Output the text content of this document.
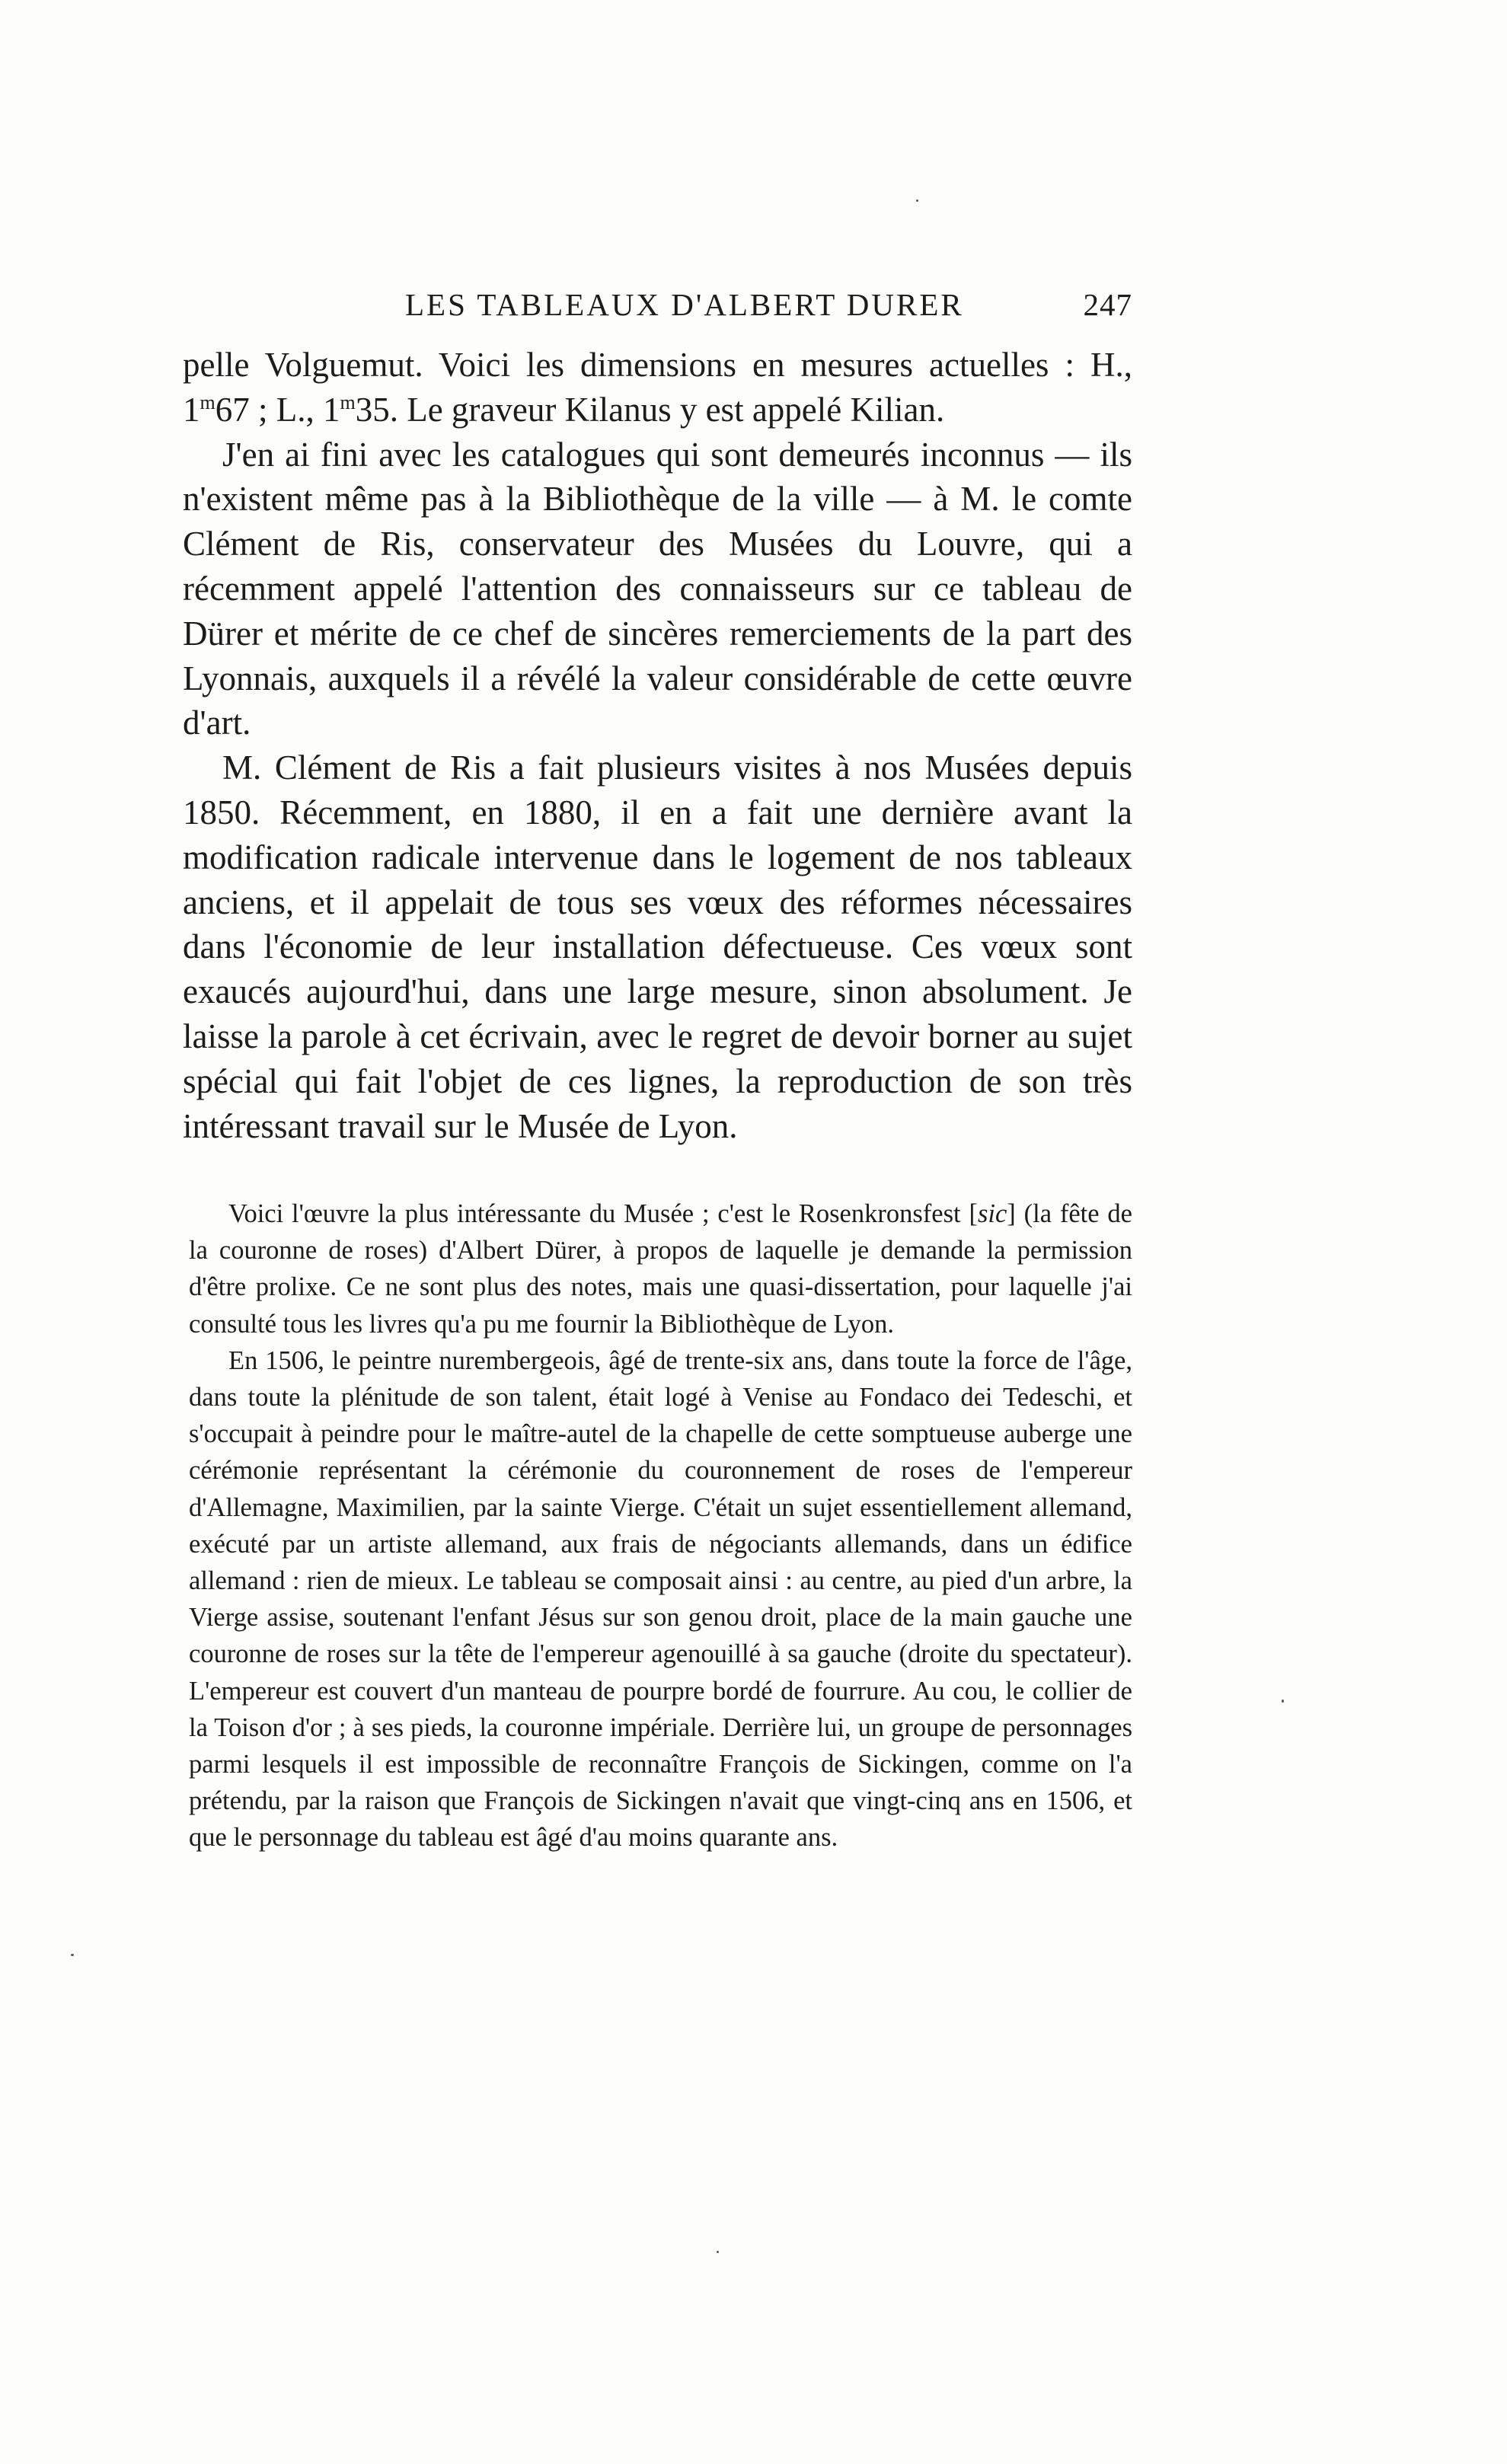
LES TABLEAUX D'ALBERT DURER	247

pelle Volguemut. Voici les dimensions en mesures actuelles : H., 1$^m$67 ; L., 1$^m$35. Le graveur Kilanus y est appelé Kilian.

J'en ai fini avec les catalogues qui sont demeurés inconnus — ils n'existent même pas à la Bibliothèque de la ville — à M. le comte Clément de Ris, conservateur des Musées du Louvre, qui a récemment appelé l'attention des connaisseurs sur ce tableau de Dürer et mérite de ce chef de sincères remerciements de la part des Lyonnais, auxquels il a révélé la valeur considérable de cette œuvre d'art.

M. Clément de Ris a fait plusieurs visites à nos Musées depuis 1850. Récemment, en 1880, il en a fait une dernière avant la modification radicale intervenue dans le logement de nos tableaux anciens, et il appelait de tous ses vœux des réformes nécessaires dans l'économie de leur installation défectueuse. Ces vœux sont exaucés aujourd'hui, dans une large mesure, sinon absolument. Je laisse la parole à cet écrivain, avec le regret de devoir borner au sujet spécial qui fait l'objet de ces lignes, la reproduction de son très intéressant travail sur le Musée de Lyon.

Voici l'œuvre la plus intéressante du Musée ; c'est le Rosenkronsfest [sic] (la fête de la couronne de roses) d'Albert Dürer, à propos de laquelle je demande la permission d'être prolixe. Ce ne sont plus des notes, mais une quasi-dissertation, pour laquelle j'ai consulté tous les livres qu'a pu me fournir la Bibliothèque de Lyon.

En 1506, le peintre nurembergeois, âgé de trente-six ans, dans toute la force de l'âge, dans toute la plénitude de son talent, était logé à Venise au Fondaco dei Tedeschi, et s'occupait à peindre pour le maître-autel de la chapelle de cette somptueuse auberge une cérémonie représentant la cérémonie du couronnement de roses de l'empereur d'Allemagne, Maximilien, par la sainte Vierge. C'était un sujet essentiellement allemand, exécuté par un artiste allemand, aux frais de négociants allemands, dans un édifice allemand : rien de mieux. Le tableau se composait ainsi : au centre, au pied d'un arbre, la Vierge assise, soutenant l'enfant Jésus sur son genou droit, place de la main gauche une couronne de roses sur la tête de l'empereur agenouillé à sa gauche (droite du spectateur). L'empereur est couvert d'un manteau de pourpre bordé de fourrure. Au cou, le collier de la Toison d'or ; à ses pieds, la couronne impériale. Derrière lui, un groupe de personnages parmi lesquels il est impossible de reconnaître François de Sickingen, comme on l'a prétendu, par la raison que François de Sickingen n'avait que vingt-cinq ans en 1506, et que le personnage du tableau est âgé d'au moins quarante ans.
